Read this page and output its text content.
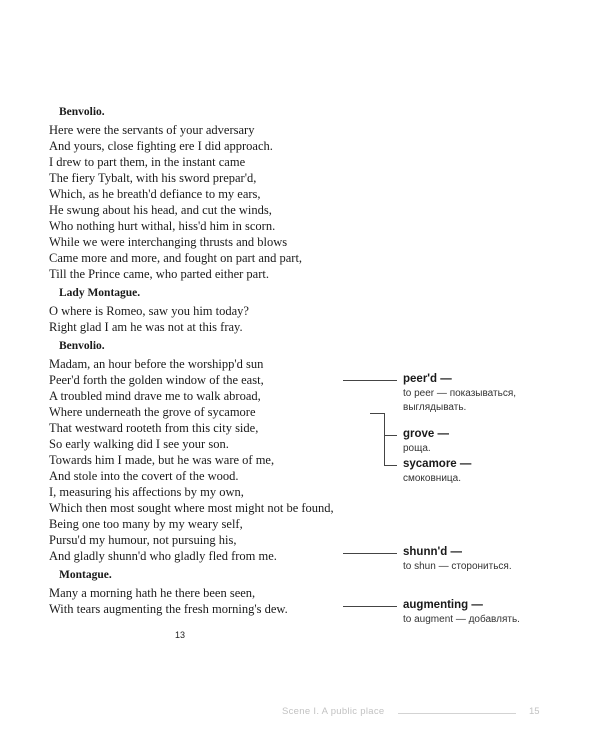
Benvolio.
Here were the servants of your adversary
And yours, close fighting ere I did approach.
I drew to part them, in the instant came
The fiery Tybalt, with his sword prepar'd,
Which, as he breath'd defiance to my ears,
He swung about his head, and cut the winds,
Who nothing hurt withal, hiss'd him in scorn.
While we were interchanging thrusts and blows
Came more and more, and fought on part and part,
Till the Prince came, who parted either part.
Lady Montague.
O where is Romeo, saw you him today?
Right glad I am he was not at this fray.
Benvolio.
Madam, an hour before the worshipp'd sun
Peer'd forth the golden window of the east,
A troubled mind drave me to walk abroad,
Where underneath the grove of sycamore
That westward rooteth from this city side,
So early walking did I see your son.
Towards him I made, but he was ware of me,
And stole into the covert of the wood.
I, measuring his affections by my own,
Which then most sought where most might not be found,
Being one too many by my weary self,
Pursu'd my humour, not pursuing his,
And gladly shunn'd who gladly fled from me.
Montague.
Many a morning hath he there been seen,
With tears augmenting the fresh morning's dew.
13
peer'd —
to peer — показываться,
выглядывать.
grove —
роща.
sycamore —
смоковница.
shunn'd —
to shun — сторониться.
augmenting —
to augment — добавлять.
Scene I. A public place	15
